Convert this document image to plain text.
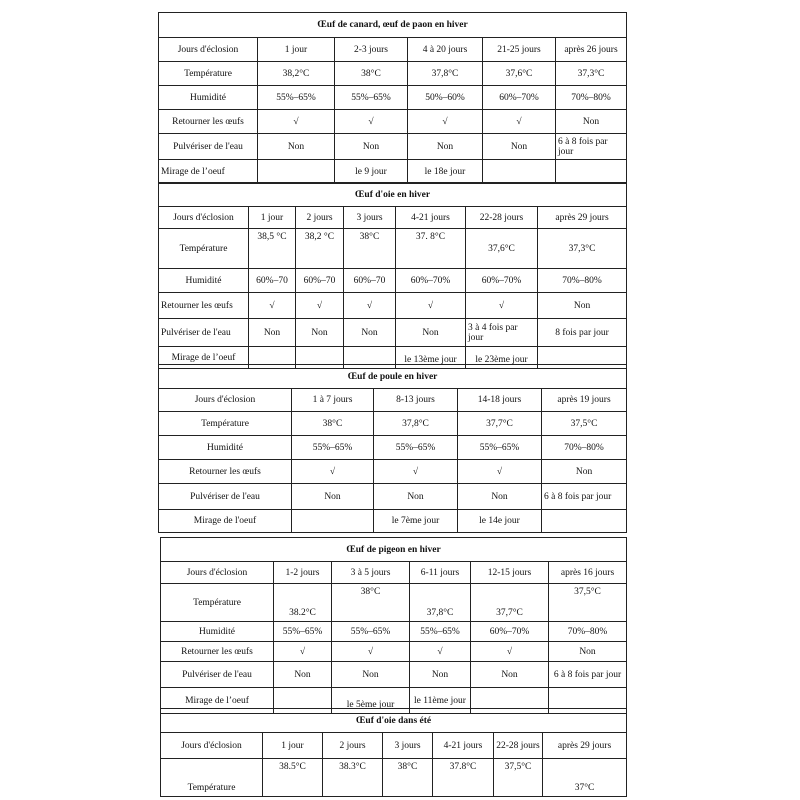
Œuf de canard, œuf de paon en hiver					
Jours d'éclosion	1 jour	2-3 jours	4 à 20 jours	21-25 jours	après 26 jours
Température	38,2°C	38°C	37,8°C	37,6°C	37,3°C
Humidité	55%–65%	55%–65%	50%–60%	60%–70%	70%–80%
Retourner les œufs	√	√	√	√	Non
Pulvériser de l'eau	Non	Non	Non	Non	6 à 8 fois par jour
Mirage de l’oeuf		le 9 jour	le 18e jour		
Œuf d'oie en hiver						
Jours d'éclosion	1 jour	2 jours	3 jours	4-21 jours	22-28 jours	après 29 jours
Température	38,5 °C	38,2 °C	38°C	37. 8°C	37,6°C	37,3°C
Humidité	60%–70	60%–70	60%–70	60%–70%	60%–70%	70%–80%
Retourner les œufs	√	√	√	√	√	Non
Pulvériser de l'eau	Non	Non	Non	Non	3 à 4 fois par jour	8 fois par jour
Mirage de l’oeuf				le 13ème jour	le 23ème jour	
Œuf de poule en hiver				
Jours d'éclosion	1 à 7 jours	8-13 jours	14-18 jours	après 19 jours
Température	38°C	37,8°C	37,7°C	37,5°C
Humidité	55%–65%	55%–65%	55%–65%	70%–80%
Retourner les œufs	√	√	√	Non
Pulvériser de l'eau	Non	Non	Non	6 à 8 fois par jour
Mirage de l'oeuf		le 7ème jour	le 14e jour	
Œuf de pigeon en hiver					
Jours d'éclosion	1-2 jours	3 à 5 jours	6-11 jours	12-15 jours	après 16 jours
Température	38.2°C	38°C	37,8°C	37,7°C	37,5°C
Humidité	55%–65%	55%–65%	55%–65%	60%–70%	70%–80%
Retourner les œufs	√	√	√	√	Non
Pulvériser de l'eau	Non	Non	Non	Non	6 à 8 fois par jour
Mirage de l’oeuf		le 5ème jour	le 11ème jour		
Œuf d'oie dans été						
Jours d'éclosion	1 jour	2 jours	3 jours	4-21 jours	22-28 jours	après 29 jours
Température	38.5°C	38.3°C	38°C	37.8°C	37,5°C	37°C
